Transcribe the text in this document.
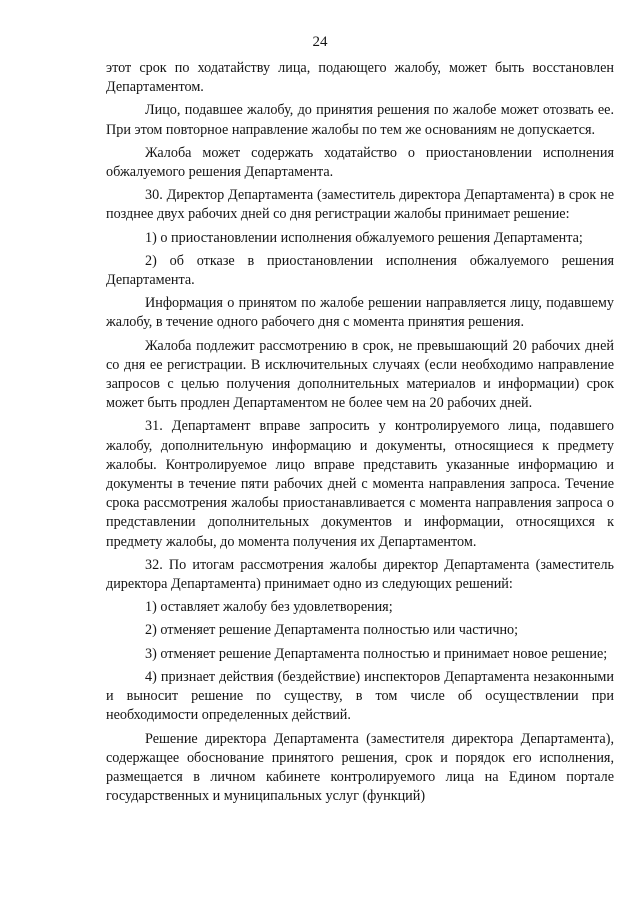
24

этот срок по ходатайству лица, подающего жалобу, может быть восстановлен Департаментом.

Лицо, подавшее жалобу, до принятия решения по жалобе может отозвать ее. При этом повторное направление жалобы по тем же основаниям не допускается.

Жалоба может содержать ходатайство о приостановлении исполнения обжалуемого решения Департамента.

30. Директор Департамента (заместитель директора Департамента) в срок не позднее двух рабочих дней со дня регистрации жалобы принимает решение:

1) о приостановлении исполнения обжалуемого решения Департамента;

2) об отказе в приостановлении исполнения обжалуемого решения Департамента.

Информация о принятом по жалобе решении направляется лицу, подавшему жалобу, в течение одного рабочего дня с момента принятия решения.

Жалоба подлежит рассмотрению в срок, не превышающий 20 рабочих дней со дня ее регистрации. В исключительных случаях (если необходимо направление запросов с целью получения дополнительных материалов и информации) срок может быть продлен Департаментом не более чем на 20 рабочих дней.

31. Департамент вправе запросить у контролируемого лица, подавшего жалобу, дополнительную информацию и документы, относящиеся к предмету жалобы. Контролируемое лицо вправе представить указанные информацию и документы в течение пяти рабочих дней с момента направления запроса. Течение срока рассмотрения жалобы приостанавливается с момента направления запроса о представлении дополнительных документов и информации, относящихся к предмету жалобы, до момента получения их Департаментом.

32. По итогам рассмотрения жалобы директор Департамента (заместитель директора Департамента) принимает одно из следующих решений:

1) оставляет жалобу без удовлетворения;

2) отменяет решение Департамента полностью или частично;

3) отменяет решение Департамента полностью и принимает новое решение;

4) признает действия (бездействие) инспекторов Департамента незаконными и выносит решение по существу, в том числе об осуществлении при необходимости определенных действий.

Решение директора Департамента (заместителя директора Департамента), содержащее обоснование принятого решения, срок и порядок его исполнения, размещается в личном кабинете контролируемого лица на Едином портале государственных и муниципальных услуг (функций)
